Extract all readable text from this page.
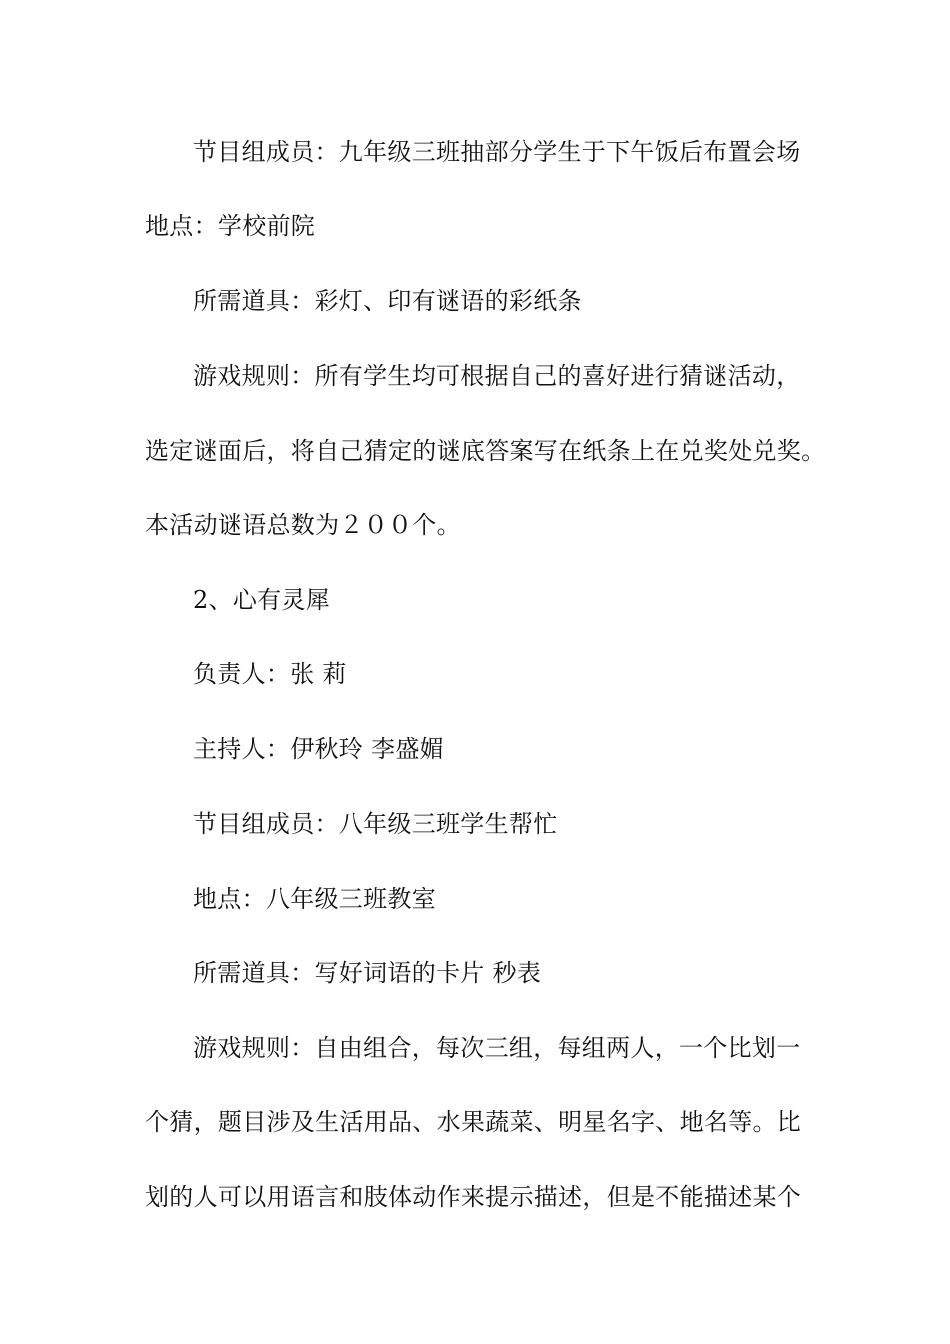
节目组成员：九年级三班抽部分学生于下午饭后布置会场
地点：学校前院
所需道具：彩灯、印有谜语的彩纸条
游戏规则：所有学生均可根据自己的喜好进行猜谜活动，
选定谜面后，将自己猜定的谜底答案写在纸条上在兑奖处兑奖。
本活动谜语总数为２００个。
2、心有灵犀
负责人：张 莉
主持人：伊秋玲 李盛媚
节目组成员：八年级三班学生帮忙
地点：八年级三班教室
所需道具：写好词语的卡片 秒表
游戏规则：自由组合，每次三组，每组两人，一个比划一
个猜，题目涉及生活用品、水果蔬菜、明星名字、地名等。比
划的人可以用语言和肢体动作来提示描述，但是不能描述某个
